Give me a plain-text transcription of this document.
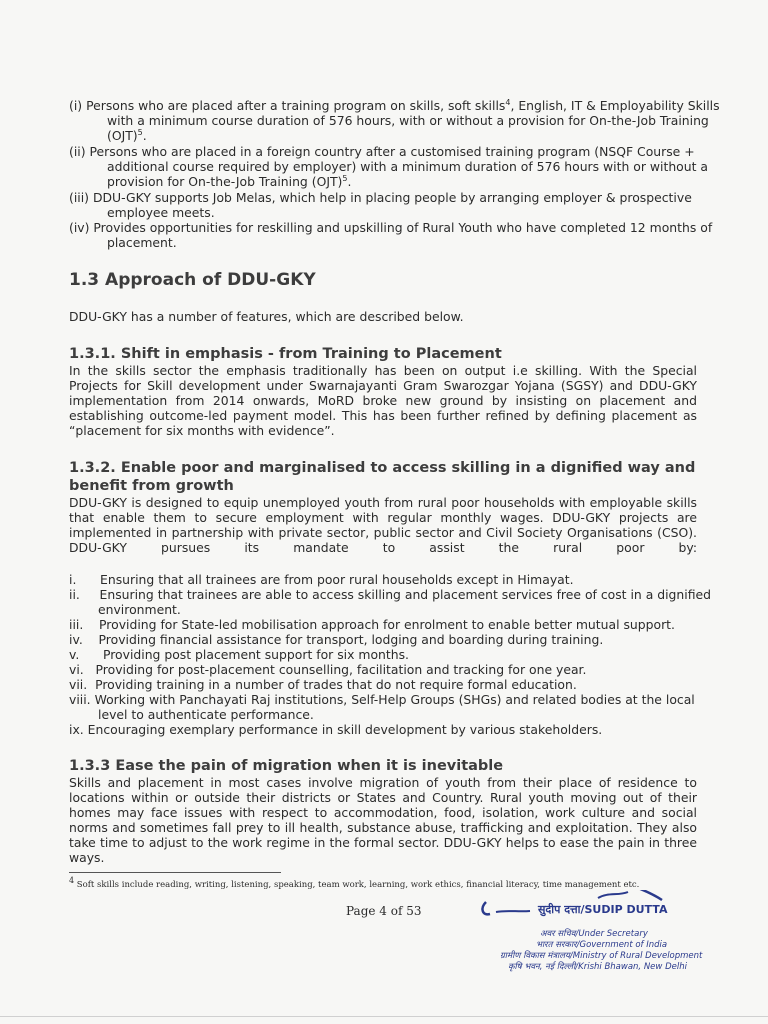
(i) Persons who are placed after a training program on skills, soft skills$^4$, English, IT & Employability Skills with a minimum course duration of 576 hours, with or without a provision for On-the-Job Training (OJT)$^5$.
(ii) Persons who are placed in a foreign country after a customised training program (NSQF Course + additional course required by employer) with a minimum duration of 576 hours with or without a provision for On-the-Job Training (OJT)$^5$.
(iii) DDU-GKY supports Job Melas, which help in placing people by arranging employer & prospective employee meets.
(iv) Provides opportunities for reskilling and upskilling of Rural Youth who have completed 12 months of placement.
1.3 Approach of DDU-GKY
DDU-GKY has a number of features, which are described below.
1.3.1. Shift in emphasis - from Training to Placement
In the skills sector the emphasis traditionally has been on output i.e skilling. With the Special Projects for Skill development under Swarnajayanti Gram Swarozgar Yojana (SGSY) and DDU-GKY implementation from 2014 onwards, MoRD broke new ground by insisting on placement and establishing outcome-led payment model. This has been further refined by defining placement as “placement for six months with evidence”.
1.3.2. Enable poor and marginalised to access skilling in a dignified way and
benefit from growth
DDU-GKY is designed to equip unemployed youth from rural poor households with employable skills that enable them to secure employment with regular monthly wages. DDU-GKY projects are implemented in partnership with private sector, public sector and Civil Society Organisations (CSO). DDU-GKY pursues its mandate to assist the rural poor by:
i. Ensuring that all trainees are from poor rural households except in Himayat.
ii. Ensuring that trainees are able to access skilling and placement services free of cost in a dignified environment.
iii. Providing for State-led mobilisation approach for enrolment to enable better mutual support.
iv. Providing financial assistance for transport, lodging and boarding during training.
v. Providing post placement support for six months.
vi. Providing for post-placement counselling, facilitation and tracking for one year.
vii. Providing training in a number of trades that do not require formal education.
viii. Working with Panchayati Raj institutions, Self-Help Groups (SHGs) and related bodies at the local level to authenticate performance.
ix. Encouraging exemplary performance in skill development by various stakeholders.
1.3.3 Ease the pain of migration when it is inevitable
Skills and placement in most cases involve migration of youth from their place of residence to locations within or outside their districts or States and Country. Rural youth moving out of their homes may face issues with respect to accommodation, food, isolation, work culture and social norms and sometimes fall prey to ill health, substance abuse, trafficking and exploitation. They also take time to adjust to the work regime in the formal sector. DDU-GKY helps to ease the pain in three ways.
$^4$ Soft skills include reading, writing, listening, speaking, team work, learning, work ethics, financial literacy, time management etc.
Page 4 of 53	सुदीप दत्ता/SUDIP DUTTA
अवर सचिव/Under Secretary
भारत सरकार/Government of India
ग्रामीण विकास मंत्रालय/Ministry of Rural Development
कृषि भवन, नई दिल्ली/Krishi Bhawan, New Delhi
